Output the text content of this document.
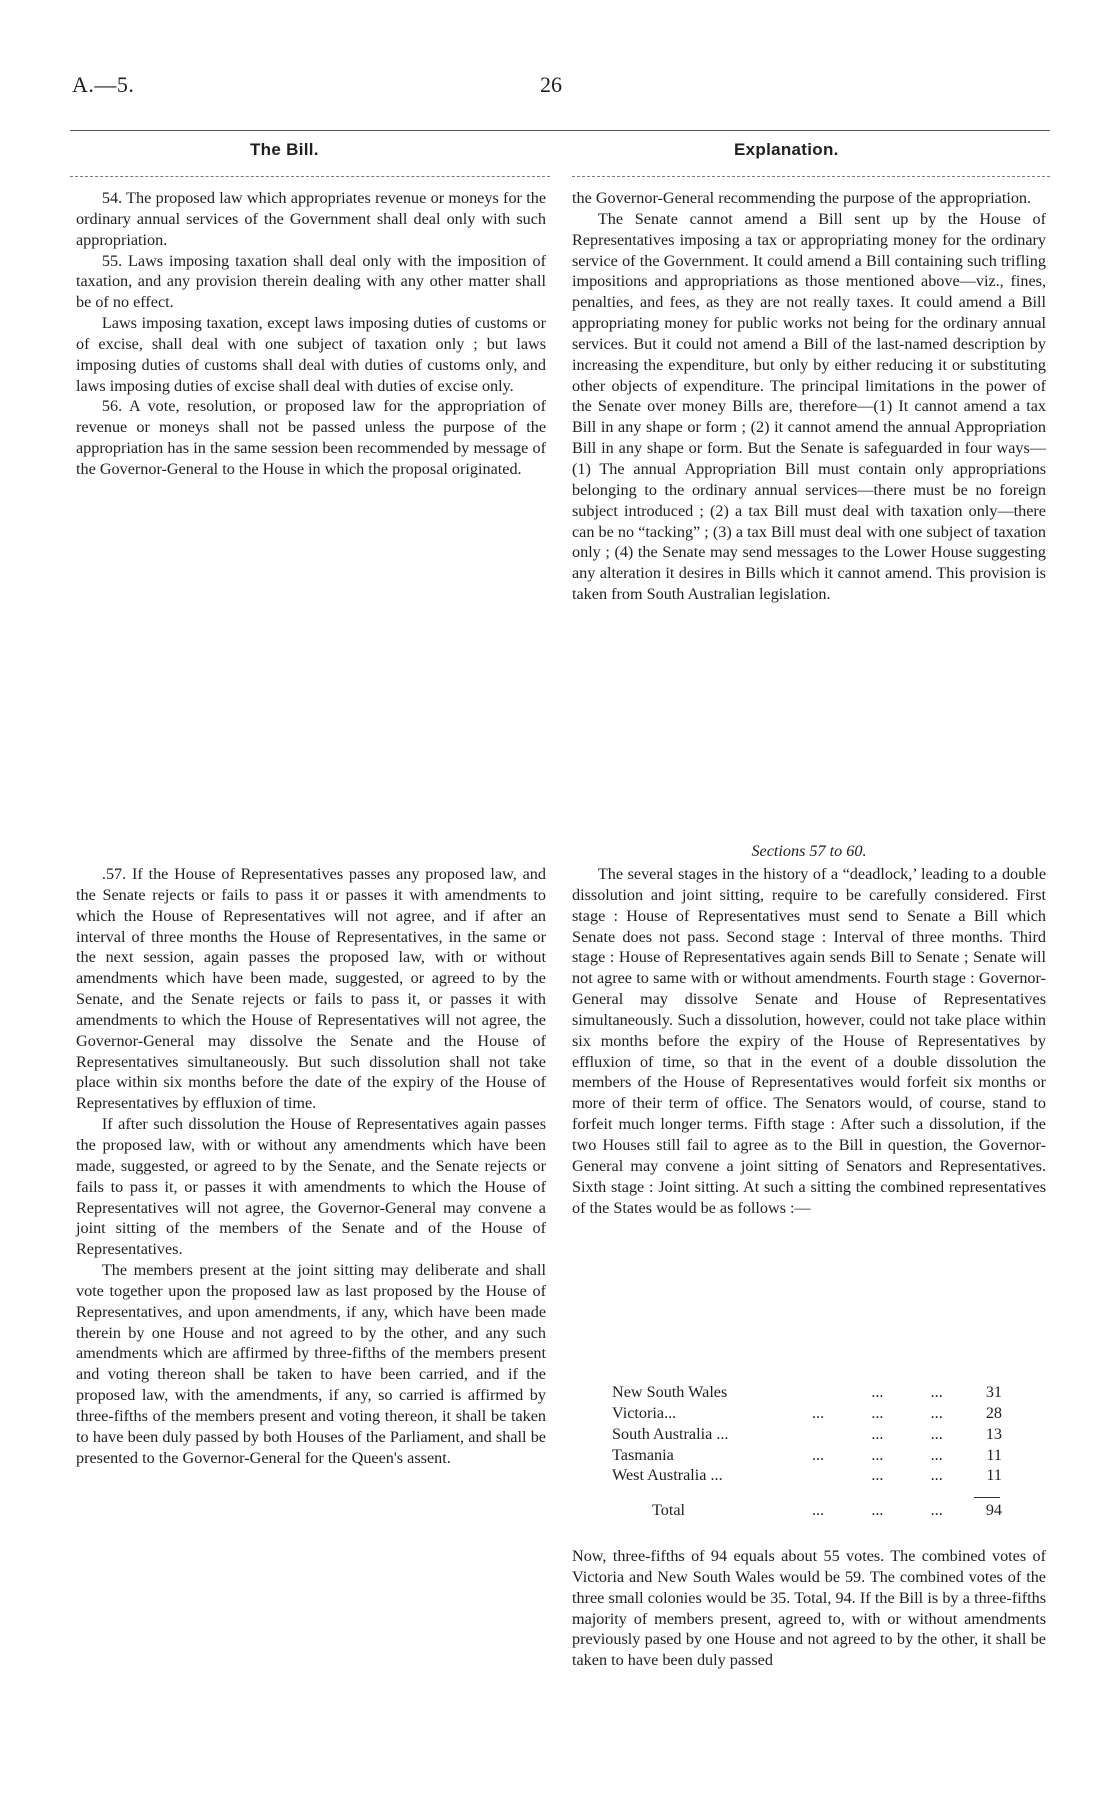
A.—5.	26
The Bill.	Explanation.

54. The proposed law which appropriates revenue or moneys for the ordinary annual services of the Government shall deal only with such appropriation.

55. Laws imposing taxation shall deal only with the imposition of taxation, and any provision therein dealing with any other matter shall be of no effect.

Laws imposing taxation, except laws imposing duties of customs or of excise, shall deal with one subject of taxation only ; but laws imposing duties of customs shall deal with duties of customs only, and laws imposing duties of excise shall deal with duties of excise only.

56. A vote, resolution, or proposed law for the appropriation of revenue or moneys shall not be passed unless the purpose of the appropriation has in the same session been recommended by message of the Governor-General to the House in which the proposal originated.

.57. If the House of Representatives passes any proposed law, and the Senate rejects or fails to pass it or passes it with amendments to which the House of Representatives will not agree, and if after an interval of three months the House of Representatives, in the same or the next session, again passes the proposed law, with or without amendments which have been made, suggested, or agreed to by the Senate, and the Senate rejects or fails to pass it, or passes it with amendments to which the House of Representatives will not agree, the Governor-General may dissolve the Senate and the House of Representatives simultaneously. But such dissolution shall not take place within six months before the date of the expiry of the House of Representatives by effluxion of time.

If after such dissolution the House of Representatives again passes the proposed law, with or without any amendments which have been made, suggested, or agreed to by the Senate, and the Senate rejects or fails to pass it, or passes it with amendments to which the House of Representatives will not agree, the Governor-General may convene a joint sitting of the members of the Senate and of the House of Representatives.

The members present at the joint sitting may deliberate and shall vote together upon the proposed law as last proposed by the House of Representatives, and upon amendments, if any, which have been made therein by one House and not agreed to by the other, and any such amendments which are affirmed by three-fifths of the members present and voting thereon shall be taken to have been carried, and if the proposed law, with the amendments, if any, so carried is affirmed by three-fifths of the members present and voting thereon, it shall be taken to have been duly passed by both Houses of the Parliament, and shall be presented to the Governor-General for the Queen's assent.

the Governor-General recommending the purpose of the appropriation.

The Senate cannot amend a Bill sent up by the House of Representatives imposing a tax or appropriating money for the ordinary service of the Government. It could amend a Bill containing such trifling impositions and appropriations as those mentioned above—viz., fines, penalties, and fees, as they are not really taxes. It could amend a Bill appropriating money for public works not being for the ordinary annual services. But it could not amend a Bill of the last-named description by increasing the expenditure, but only by either reducing it or substituting other objects of expenditure. The principal limitations in the power of the Senate over money Bills are, therefore—(1) It cannot amend a tax Bill in any shape or form ; (2) it cannot amend the annual Appropriation Bill in any shape or form. But the Senate is safeguarded in four ways—(1) The annual Appropriation Bill must contain only appropriations belonging to the ordinary annual services—there must be no foreign subject introduced ; (2) a tax Bill must deal with taxation only—there can be no “tacking” ; (3) a tax Bill must deal with one subject of taxation only ; (4) the Senate may send messages to the Lower House suggesting any alteration it desires in Bills which it cannot amend. This provision is taken from South Australian legislation.

Sections 57 to 60.

The several stages in the history of a “deadlock,’ leading to a double dissolution and joint sitting, require to be carefully considered. First stage : House of Representatives must send to Senate a Bill which Senate does not pass. Second stage : Interval of three months. Third stage : House of Representatives again sends Bill to Senate ; Senate will not agree to same with or without amendments. Fourth stage : Governor-General may dissolve Senate and House of Representatives simultaneously. Such a dissolution, however, could not take place within six months before the expiry of the House of Representatives by effluxion of time, so that in the event of a double dissolution the members of the House of Representatives would forfeit six months or more of their term of office. The Senators would, of course, stand to forfeit much longer terms. Fifth stage : After such a dissolution, if the two Houses still fail to agree as to the Bill in question, the Governor-General may convene a joint sitting of Senators and Representatives. Sixth stage : Joint sitting. At such a sitting the combined representatives of the States would be as follows :—

New South Wales		...	...	31
Victoria...	...	...	...	28
South Australia ...		...	...	13
Tasmania	...	...	...	11
West Australia ...		...	...	11
Total	...	...	...	94

Now, three-fifths of 94 equals about 55 votes. The combined votes of Victoria and New South Wales would be 59. The combined votes of the three small colonies would be 35. Total, 94. If the Bill is by a three-fifths majority of members present, agreed to, with or without amendments previously pased by one House and not agreed to by the other, it shall be taken to have been duly passed
